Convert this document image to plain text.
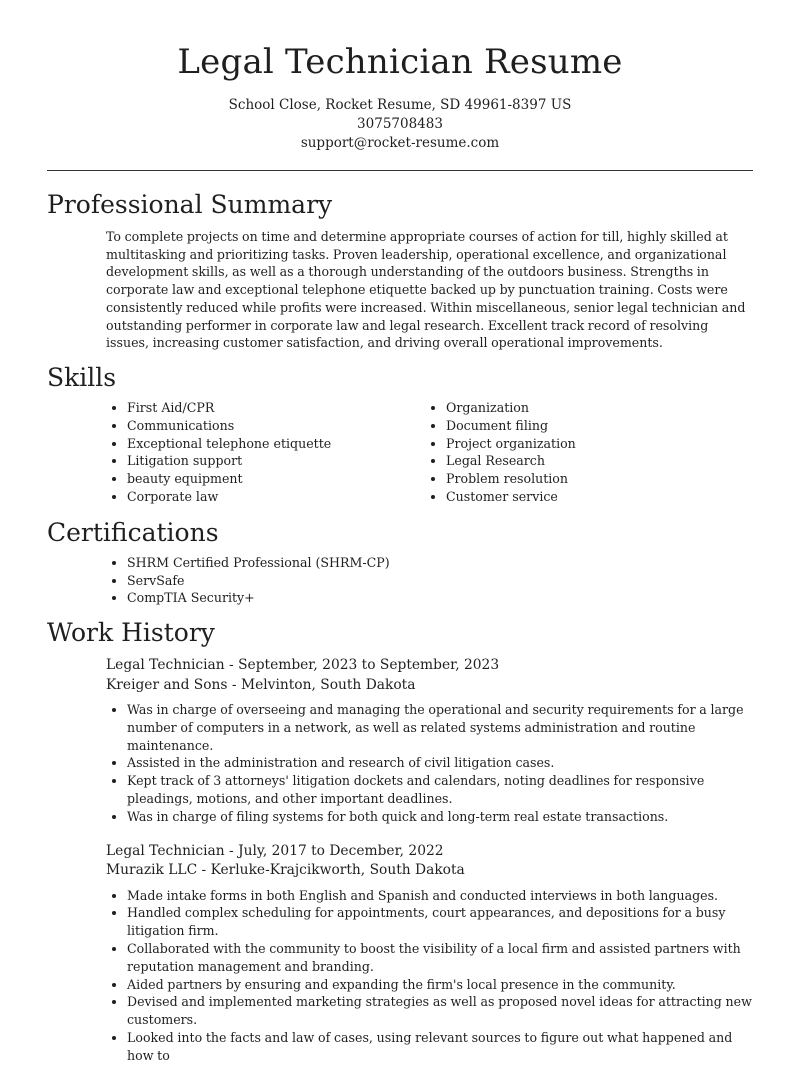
Legal Technician Resume
School Close, Rocket Resume, SD 49961-8397 US
3075708483
support@rocket-resume.com
Professional Summary

To complete projects on time and determine appropriate courses of action for till, highly skilled at multitasking and prioritizing tasks. Proven leadership, operational excellence, and organizational development skills, as well as a thorough understanding of the outdoors business. Strengths in corporate law and exceptional telephone etiquette backed up by punctuation training. Costs were consistently reduced while profits were increased. Within miscellaneous, senior legal technician and outstanding performer in corporate law and legal research. Excellent track record of resolving issues, increasing customer satisfaction, and driving overall operational improvements.

Skills
• First Aid/CPR
• Communications
• Exceptional telephone etiquette
• Litigation support
• beauty equipment
• Corporate law
• Organization
• Document filing
• Project organization
• Legal Research
• Problem resolution
• Customer service
Certifications
• SHRM Certified Professional (SHRM-CP)
• ServSafe
• CompTIA Security+
Work History
Legal Technician - September, 2023 to September, 2023
Kreiger and Sons - Melvinton, South Dakota
• Was in charge of overseeing and managing the operational and security requirements for a large number of computers in a network, as well as related systems administration and routine maintenance.
• Assisted in the administration and research of civil litigation cases.
• Kept track of 3 attorneys' litigation dockets and calendars, noting deadlines for responsive pleadings, motions, and other important deadlines.
• Was in charge of filing systems for both quick and long-term real estate transactions.
Legal Technician - July, 2017 to December, 2022
Murazik LLC - Kerluke-Krajcikworth, South Dakota
• Made intake forms in both English and Spanish and conducted interviews in both languages.
• Handled complex scheduling for appointments, court appearances, and depositions for a busy litigation firm.
• Collaborated with the community to boost the visibility of a local firm and assisted partners with reputation management and branding.
• Aided partners by ensuring and expanding the firm's local presence in the community.
• Devised and implemented marketing strategies as well as proposed novel ideas for attracting new customers.
• Looked into the facts and law of cases, using relevant sources to figure out what happened and how to
